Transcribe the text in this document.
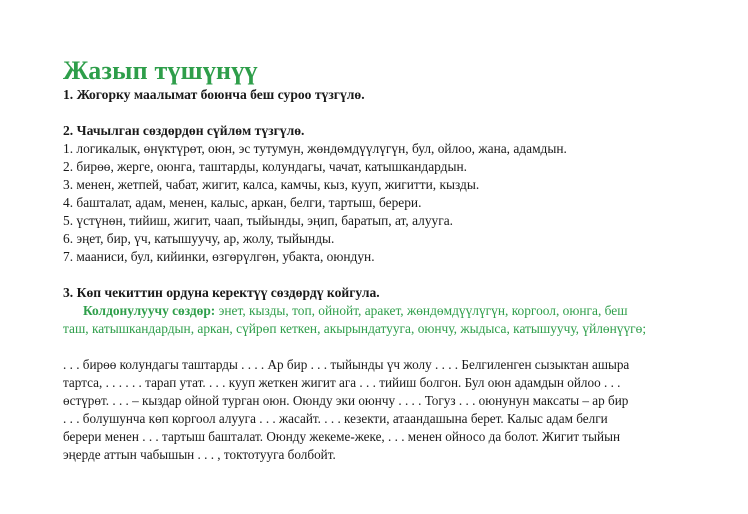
Жазып түшүнүү

1. Жогорку маалымат боюнча беш суроо түзгүлө.

2. Чачылган сөздөрдөн сүйлөм түзгүлө.

1. логикалык, өнүктүрөт, оюн, эс тутумун, жөндөмдүүлүгүн, бул, ойлоо, жана, адамдын.

2. бирөө, жерге, оюнга, таштарды, колундагы, чачат, катышкандардын.

3. менен, жетпей, чабат, жигит, калса, камчы, кыз, кууп, жигитти, кызды.

4. башталат, адам, менен, калыс, аркан, белги, тартыш, берери.

5. үстүнөн, тийиш, жигит, чаап, тыйынды, эңип, баратып, ат, алууга.

6. эңет, бир, үч, катышуучу, ар, жолу, тыйынды.

7. мааниси, бул, кийинки, өзгөрүлгөн, убакта, оюндун.

3. Көп чекиттин ордуна керектүү сөздөрдү койгула.

Колдонулуучу сөздөр: энет, кызды, топ, ойнойт, аракет, жөндөмдүүлүгүн, коргоол, оюнга, беш

таш, катышкандардын, аркан, сүйрөп кеткен, акырындатууга, оюнчу, жыдыса, катышуучу, үйлөнүүгө;

. . . бирөө колундагы таштарды . . . . Ар бир . . . тыйынды үч жолу . . . . Белгиленген сызыктан ашыра

тартса, . . . . . . тарап утат. . . . кууп жеткен жигит ага . . . тийиш болгон. Бул оюн адамдын ойлоо . . .

өстүрөт. . . . – кыздар ойной турган оюн. Оюнду эки оюнчу . . . . Тогуз . . . оюнунун максаты – ар бир

. . . болушунча көп коргоол алууга . . . жасайт. . . . кезекти, атаандашына берет. Калыс адам белги

берери менен . . . тартыш башталат. Оюнду жекеме-жеке, . . . менен ойносо да болот. Жигит тыйын

эңерде аттын чабышын . . . , токтотууга болбойт.
